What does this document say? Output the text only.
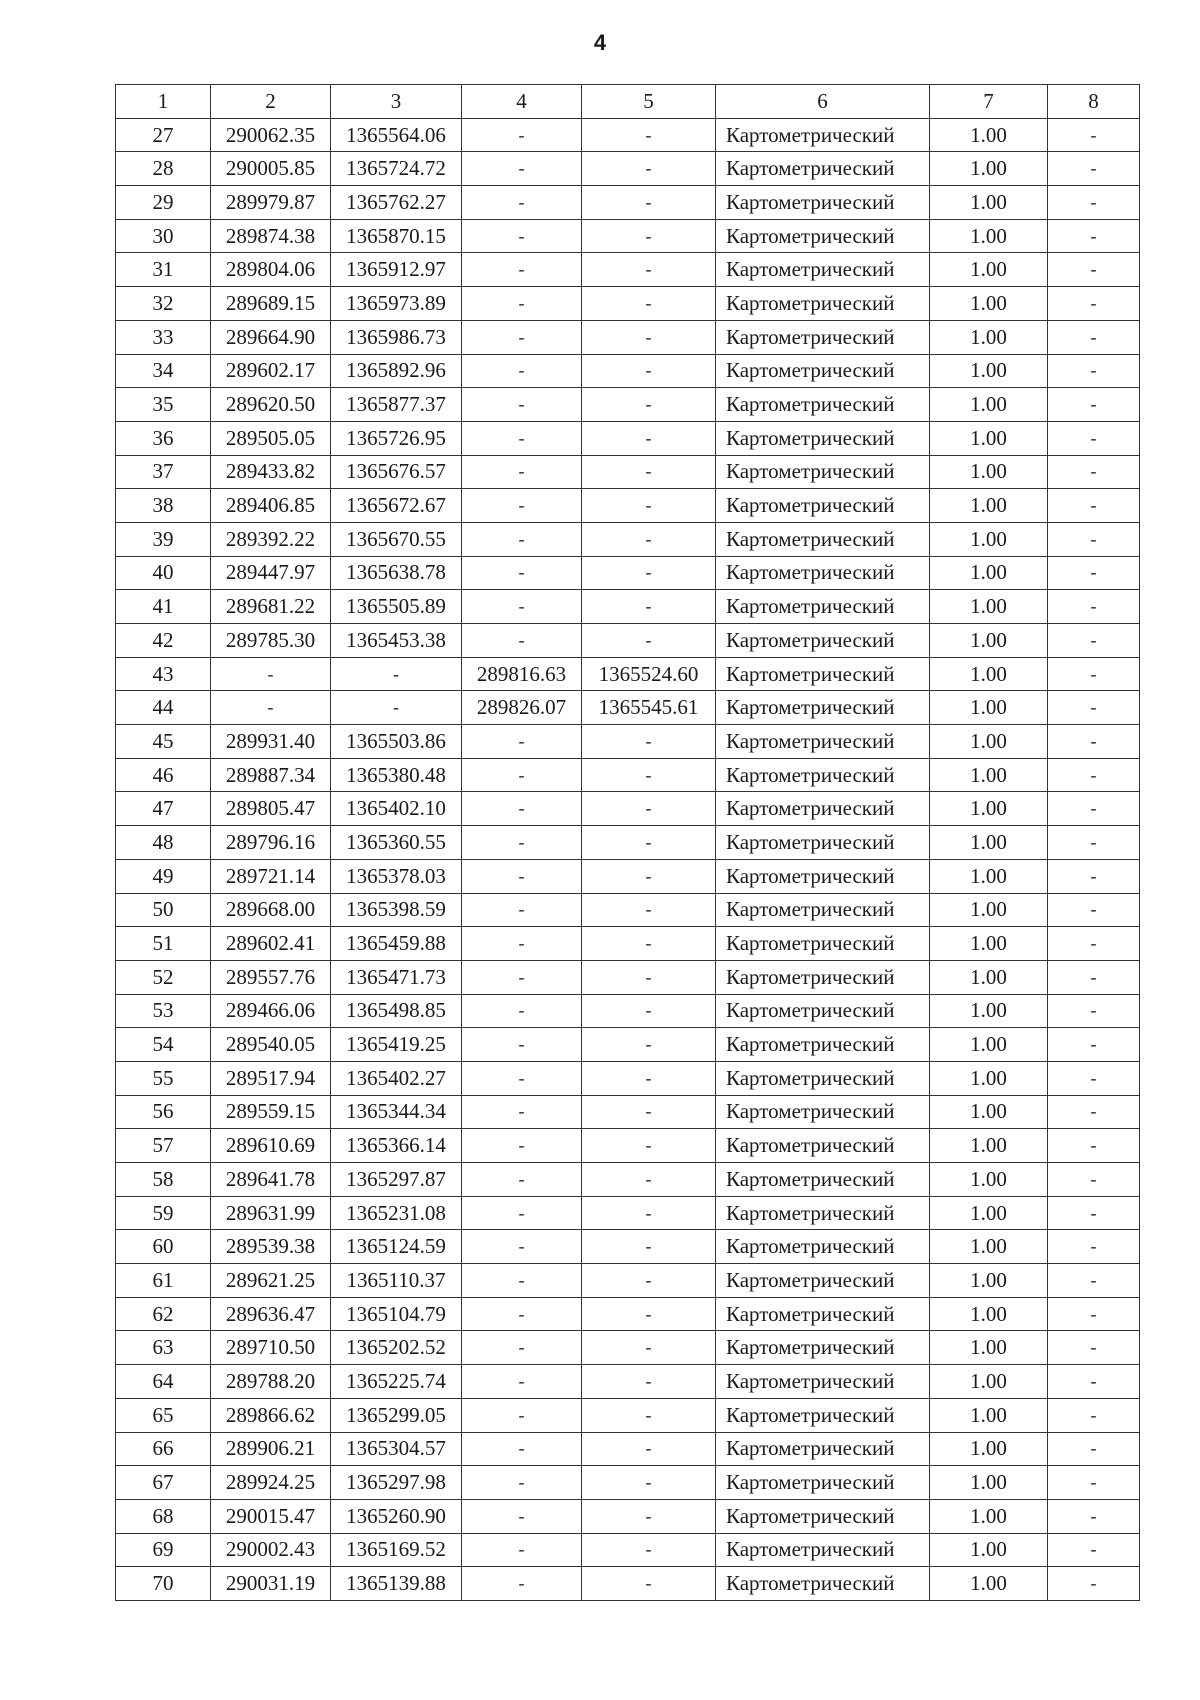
4
1	2	3	4	5	6	7	8
27	290062.35	1365564.06	-	-	Картометрический	1.00	-
28	290005.85	1365724.72	-	-	Картометрический	1.00	-
29	289979.87	1365762.27	-	-	Картометрический	1.00	-
30	289874.38	1365870.15	-	-	Картометрический	1.00	-
31	289804.06	1365912.97	-	-	Картометрический	1.00	-
32	289689.15	1365973.89	-	-	Картометрический	1.00	-
33	289664.90	1365986.73	-	-	Картометрический	1.00	-
34	289602.17	1365892.96	-	-	Картометрический	1.00	-
35	289620.50	1365877.37	-	-	Картометрический	1.00	-
36	289505.05	1365726.95	-	-	Картометрический	1.00	-
37	289433.82	1365676.57	-	-	Картометрический	1.00	-
38	289406.85	1365672.67	-	-	Картометрический	1.00	-
39	289392.22	1365670.55	-	-	Картометрический	1.00	-
40	289447.97	1365638.78	-	-	Картометрический	1.00	-
41	289681.22	1365505.89	-	-	Картометрический	1.00	-
42	289785.30	1365453.38	-	-	Картометрический	1.00	-
43	-	-	289816.63	1365524.60	Картометрический	1.00	-
44	-	-	289826.07	1365545.61	Картометрический	1.00	-
45	289931.40	1365503.86	-	-	Картометрический	1.00	-
46	289887.34	1365380.48	-	-	Картометрический	1.00	-
47	289805.47	1365402.10	-	-	Картометрический	1.00	-
48	289796.16	1365360.55	-	-	Картометрический	1.00	-
49	289721.14	1365378.03	-	-	Картометрический	1.00	-
50	289668.00	1365398.59	-	-	Картометрический	1.00	-
51	289602.41	1365459.88	-	-	Картометрический	1.00	-
52	289557.76	1365471.73	-	-	Картометрический	1.00	-
53	289466.06	1365498.85	-	-	Картометрический	1.00	-
54	289540.05	1365419.25	-	-	Картометрический	1.00	-
55	289517.94	1365402.27	-	-	Картометрический	1.00	-
56	289559.15	1365344.34	-	-	Картометрический	1.00	-
57	289610.69	1365366.14	-	-	Картометрический	1.00	-
58	289641.78	1365297.87	-	-	Картометрический	1.00	-
59	289631.99	1365231.08	-	-	Картометрический	1.00	-
60	289539.38	1365124.59	-	-	Картометрический	1.00	-
61	289621.25	1365110.37	-	-	Картометрический	1.00	-
62	289636.47	1365104.79	-	-	Картометрический	1.00	-
63	289710.50	1365202.52	-	-	Картометрический	1.00	-
64	289788.20	1365225.74	-	-	Картометрический	1.00	-
65	289866.62	1365299.05	-	-	Картометрический	1.00	-
66	289906.21	1365304.57	-	-	Картометрический	1.00	-
67	289924.25	1365297.98	-	-	Картометрический	1.00	-
68	290015.47	1365260.90	-	-	Картометрический	1.00	-
69	290002.43	1365169.52	-	-	Картометрический	1.00	-
70	290031.19	1365139.88	-	-	Картометрический	1.00	-
